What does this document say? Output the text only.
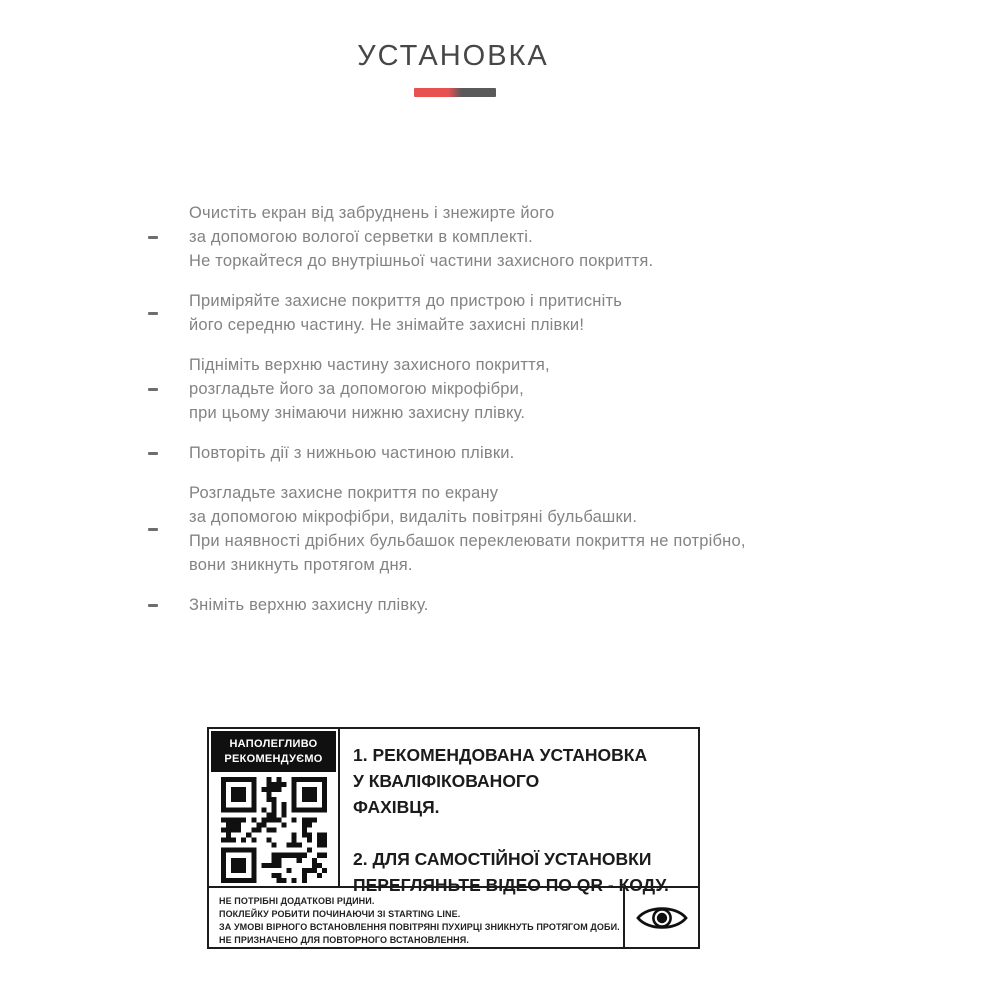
УСТАНОВКА
Очистіть екран від забруднень і знежирте його
за допомогою вологої серветки в комплекті.
Не торкайтеся до внутрішньої частини захисного покриття.
Приміряйте захисне покриття до пристрою і притисніть
його середню частину. Не знімайте захисні плівки!
Підніміть верхню частину захисного покриття,
розгладьте його за допомогою мікрофібри,
при цьому знімаючи нижню захисну плівку.
Повторіть дії з нижньою частиною плівки.
Розгладьте захисне покриття по екрану
за допомогою мікрофібри, видаліть повітряні бульбашки.
При наявності дрібних бульбашок переклеювати покриття не потрібно,
вони зникнуть протягом дня.
Зніміть верхню захисну плівку.
НАПОЛЕГЛИВО
РЕКОМЕНДУЄМО 1. РЕКОМЕНДОВАНА УСТАНОВКА
У КВАЛІФІКОВАНОГО
ФАХІВЦЯ.
2. ДЛЯ САМОСТІЙНОЇ УСТАНОВКИ
ПЕРЕГЛЯНЬТЕ ВІДЕО ПО QR - КОДУ.
НЕ ПОТРІБНІ ДОДАТКОВІ РІДИНИ.
ПОКЛЕЙКУ РОБИТИ ПОЧИНАЮЧИ ЗІ STARTING LINE.
ЗА УМОВІ ВІРНОГО ВСТАНОВЛЕННЯ ПОВІТРЯНІ ПУХИРЦІ ЗНИКНУТЬ ПРОТЯГОМ ДОБИ.
НЕ ПРИЗНАЧЕНО ДЛЯ ПОВТОРНОГО ВСТАНОВЛЕННЯ.
